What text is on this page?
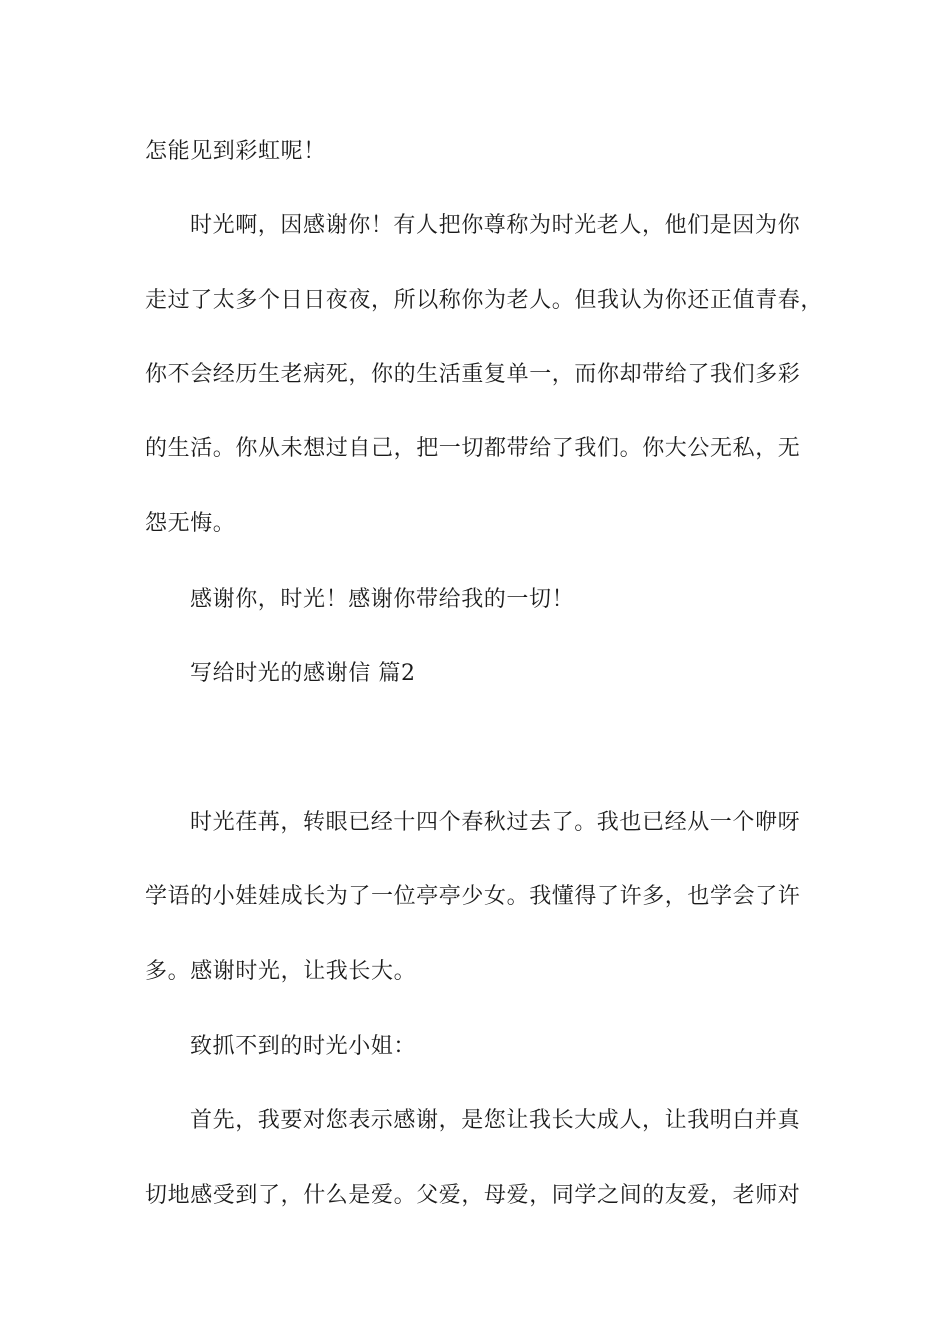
怎能见到彩虹呢！
时光啊，因感谢你！有人把你尊称为时光老人，他们是因为你
走过了太多个日日夜夜，所以称你为老人。但我认为你还正值青春，
你不会经历生老病死，你的生活重复单一，而你却带给了我们多彩
的生活。你从未想过自己，把一切都带给了我们。你大公无私，无
怨无悔。
感谢你，时光！感谢你带给我的一切！
写给时光的感谢信 篇2
时光荏苒，转眼已经十四个春秋过去了。我也已经从一个咿呀
学语的小娃娃成长为了一位亭亭少女。我懂得了许多，也学会了许
多。感谢时光，让我长大。
致抓不到的时光小姐：
首先，我要对您表示感谢，是您让我长大成人，让我明白并真
切地感受到了，什么是爱。父爱，母爱，同学之间的友爱，老师对
